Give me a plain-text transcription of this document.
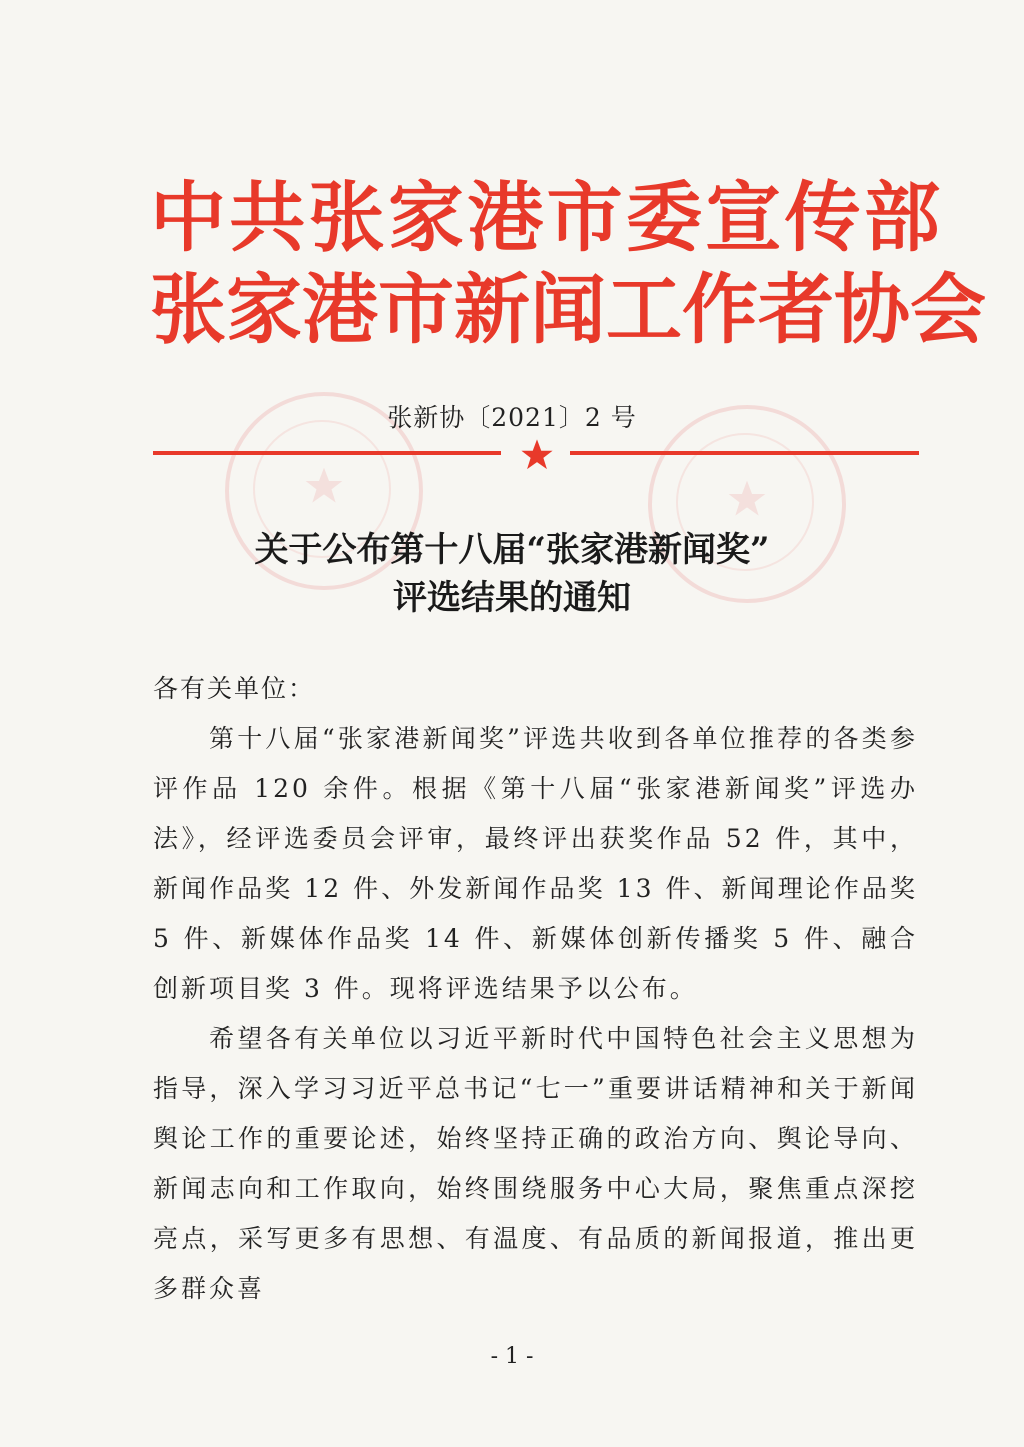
中 共 张 家 港 市 委 宣 传 部
张 家 港 市 新 闻 工 作 者 协 会
张新协〔2021〕2 号
关于公布第十八届“张家港新闻奖”
评选结果的通知
各有关单位：
第十八届“张家港新闻奖”评选共收到各单位推荐的各类参评作品 120 余件。根据《第十八届“张家港新闻奖”评选办法》，经评选委员会评审，最终评出获奖作品 52 件，其中，新闻作品奖 12 件、外发新闻作品奖 13 件、新闻理论作品奖 5 件、新媒体作品奖 14 件、新媒体创新传播奖 5 件、融合创新项目奖 3 件。现将评选结果予以公布。
希望各有关单位以习近平新时代中国特色社会主义思想为指导，深入学习习近平总书记“七一”重要讲话精神和关于新闻舆论工作的重要论述，始终坚持正确的政治方向、舆论导向、新闻志向和工作取向，始终围绕服务中心大局，聚焦重点深挖亮点，采写更多有思想、有温度、有品质的新闻报道，推出更多群众喜
- 1 -
